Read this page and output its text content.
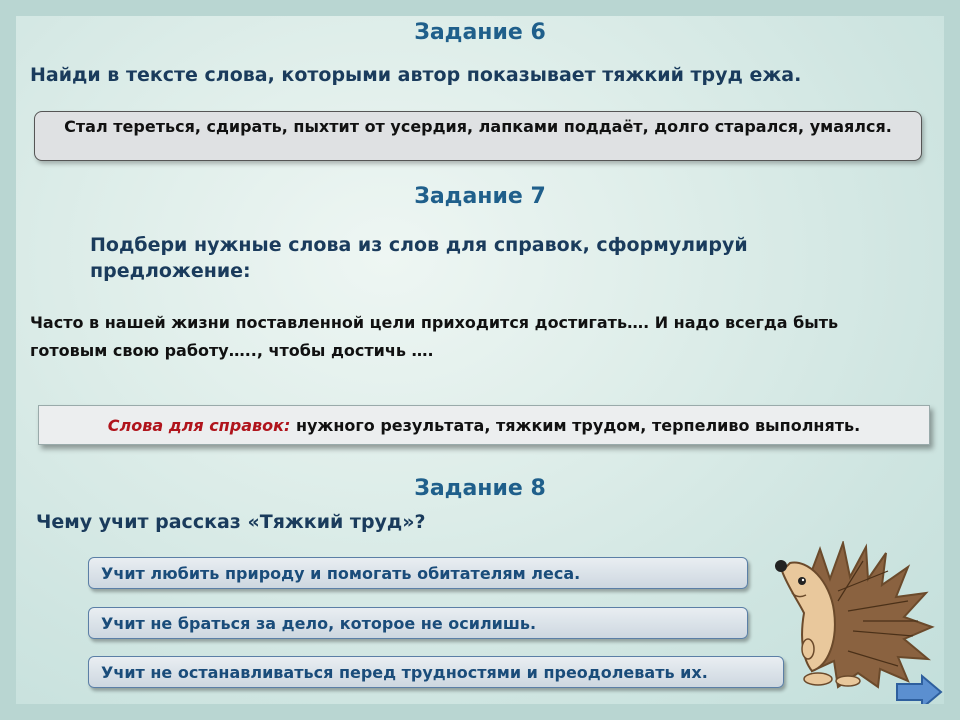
Задание 6
Найди в тексте слова, которыми автор показывает тяжкий труд ежа.
Стал тереться, сдирать, пыхтит от усердия, лапками поддаёт, долго старался, умаялся.
Задание 7
Подбери нужные слова из слов для справок, сформулируй предложение:
Часто в нашей жизни поставленной цели приходится достигать…. И надо всегда быть готовым свою работу….., чтобы достичь ….
Слова для справок: нужного результата, тяжким трудом, терпеливо выполнять.
Задание 8
Чему учит рассказ «Тяжкий труд»?
Учит любить природу и помогать обитателям леса.
Учит не браться за дело, которое не осилишь.
Учит не останавливаться перед трудностями и преодолевать их.
